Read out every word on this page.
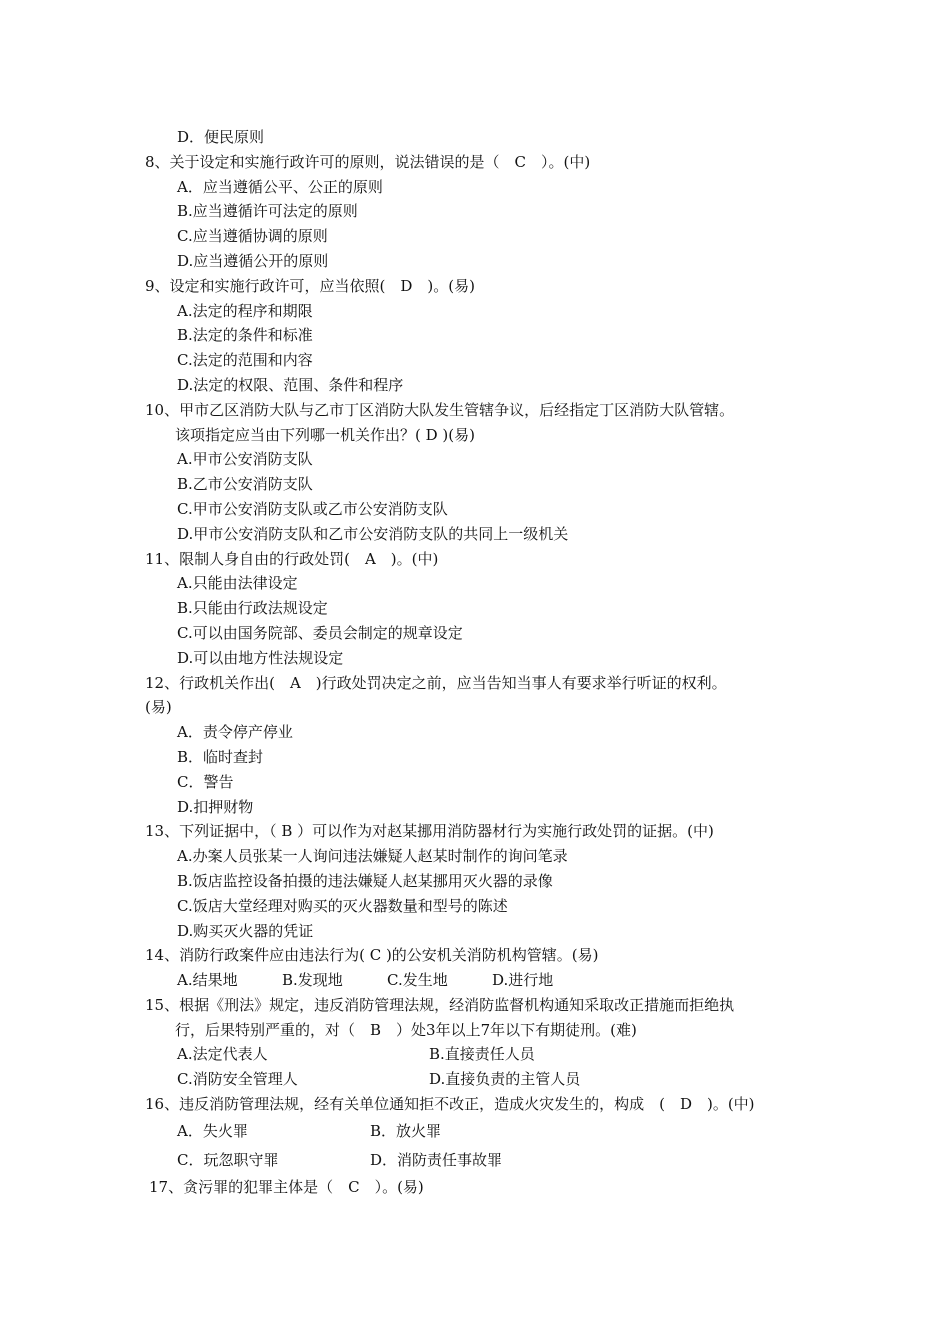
D．便民原则
8、关于设定和实施行政许可的原则，说法错误的是（　C　）。(中)
A．应当遵循公平、公正的原则
B.应当遵循许可法定的原则
C.应当遵循协调的原则
D.应当遵循公开的原则
9、设定和实施行政许可，应当依照(　D　)。(易)
A.法定的程序和期限
B.法定的条件和标准
C.法定的范围和内容
D.法定的权限、范围、条件和程序
10、甲市乙区消防大队与乙市丁区消防大队发生管辖争议，后经指定丁区消防大队管辖。
该项指定应当由下列哪一机关作出？( D )(易)
A.甲市公安消防支队
B.乙市公安消防支队
C.甲市公安消防支队或乙市公安消防支队
D.甲市公安消防支队和乙市公安消防支队的共同上一级机关
11、限制人身自由的行政处罚(　A　)。(中)
A.只能由法律设定
B.只能由行政法规设定
C.可以由国务院部、委员会制定的规章设定
D.可以由地方性法规设定
12、行政机关作出(　A　)行政处罚决定之前，应当告知当事人有要求举行听证的权利。
(易)
A．责令停产停业
B．临时查封
C．警告
D.扣押财物
13、下列证据中，（ B ）可以作为对赵某挪用消防器材行为实施行政处罚的证据。(中)
A.办案人员张某一人询问违法嫌疑人赵某时制作的询问笔录
B.饭店监控设备拍摄的违法嫌疑人赵某挪用灭火器的录像
C.饭店大堂经理对购买的灭火器数量和型号的陈述
D.购买灭火器的凭证
14、消防行政案件应由违法行为( C )的公安机关消防机构管辖。(易)
A.结果地	B.发现地	C.发生地	D.进行地
15、根据《刑法》规定，违反消防管理法规，经消防监督机构通知采取改正措施而拒绝执
行，后果特别严重的，对（　B　）处3年以上7年以下有期徒刑。(难)
A.法定代表人	B.直接责任人员
C.消防安全管理人	D.直接负责的主管人员
16、违反消防管理法规，经有关单位通知拒不改正，造成火灾发生的，构成　(　D　)。(中)
A．失火罪	B．放火罪
C．玩忽职守罪	D．消防责任事故罪
17、贪污罪的犯罪主体是（　C　）。(易)
